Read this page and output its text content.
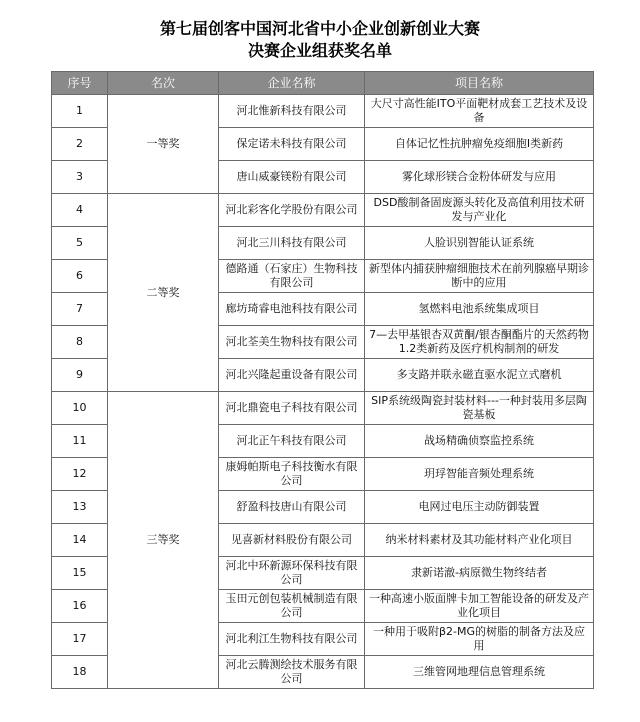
第七届创客中国河北省中小企业创新创业大赛
决赛企业组获奖名单
序号	名次	企业名称	项目名称
1	一等奖	河北惟新科技有限公司	大尺寸高性能ITO平面靶材成套工艺技术及设备
2		保定诺未科技有限公司	自体记忆性抗肿瘤免疫细胞Ⅰ类新药
3		唐山威豪镁粉有限公司	雾化球形镁合金粉体研发与应用
4	二等奖	河北彩客化学股份有限公司	DSD酸制备固废源头转化及高值利用技术研发与产业化
5		河北三川科技有限公司	人脸识别智能认证系统
6		德路通（石家庄）生物科技有限公司	新型体内捕获肿瘤细胞技术在前列腺癌早期诊断中的应用
7		廊坊琦睿电池科技有限公司	氢燃料电池系统集成项目
8		河北荃美生物科技有限公司	7—去甲基银杏双黄酮/银杏酮酯片的天然药物1.2类新药及医疗机构制剂的研发
9		河北兴隆起重设备有限公司	多支路并联永磁直驱水泥立式磨机
10	三等奖	河北鼎瓷电子科技有限公司	SIP系统级陶瓷封装材料---一种封装用多层陶瓷基板
11		河北正午科技有限公司	战场精确侦察监控系统
12		康姆帕斯电子科技衡水有限公司	玥琈智能音频处理系统
13		舒盈科技唐山有限公司	电网过电压主动防御装置
14		见喜新材料股份有限公司	纳米材料素材及其功能材料产业化项目
15		河北中环新源环保科技有限公司	隶新诺澈-病原微生物终结者
16		玉田元创包装机械制造有限公司	一种高速小版面牌卡加工智能设备的研发及产业化项目
17		河北利江生物科技有限公司	一种用于吸附β2-MG的树脂的制备方法及应用
18		河北云腾测绘技术服务有限公司	三维管网地理信息管理系统
